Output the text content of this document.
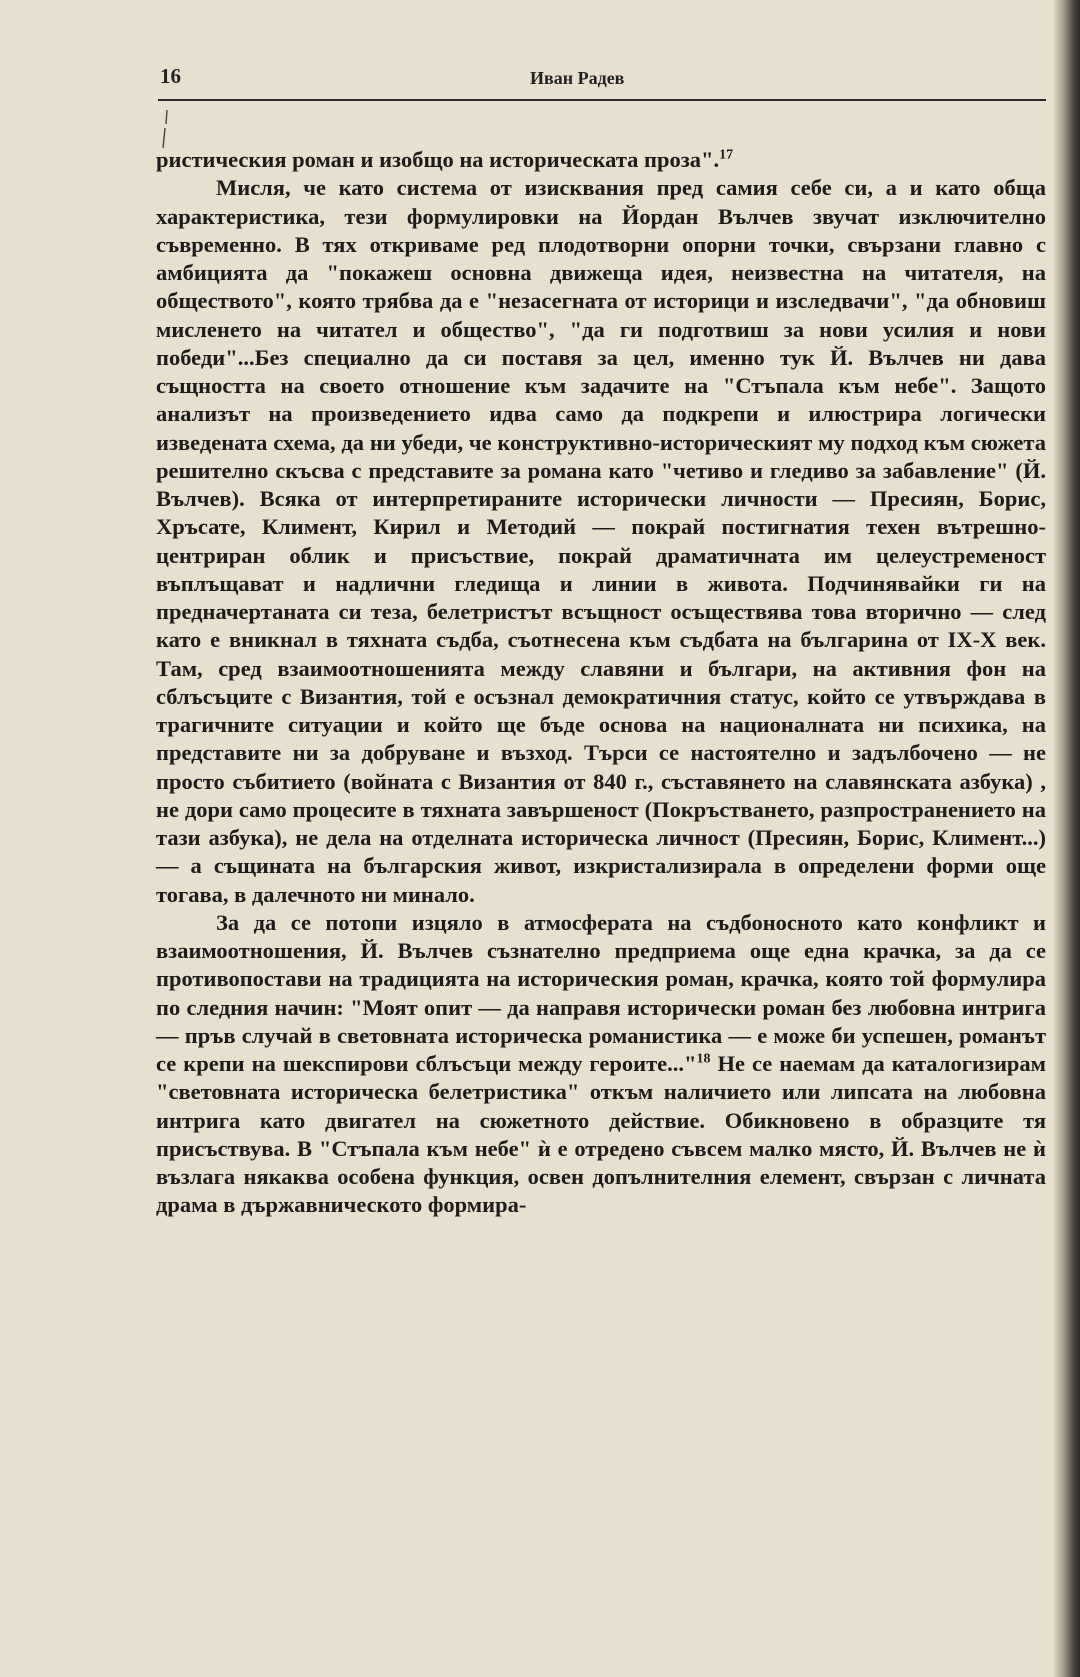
16	Иван Радев

ристическия роман и изобщо на историческата проза".$^{17}$

Мисля, че като система от изисквания пред самия себе си, а и като обща характеристика, тези формулировки на Йордан Вълчев звучат изключително съвременно. В тях откриваме ред плодотворни опорни точки, свързани главно с амбицията да "покажеш основна движеща идея, неизвестна на читателя, на обществото", която трябва да е "незасегната от историци и изследвачи", "да обновиш мисленето на читател и общество", "да ги подготвиш за нови усилия и нови победи"...Без специално да си поставя за цел, именно тук Й. Вълчев ни дава същността на своето отношение към задачите на "Стъпала към небе". Защото анализът на произведението идва само да подкрепи и илюстрира логически изведената схема, да ни убеди, че конструктивно-историческият му подход към сюжета решително скъсва с представите за романа като "четиво и гледиво за забавление" (Й. Вълчев). Всяка от интерпретираните исторически личности — Пресиян, Борис, Хръсате, Климент, Кирил и Методий — покрай постигнатия техен вътрешно-центриран облик и присъствие, покрай драматичната им целеустременост въплъщават и надлични гледища и линии в живота. Подчинявайки ги на предначертаната си теза, белетристът всъщност осъществява това вторично — след като е вникнал в тяхната съдба, съотнесена към съдбата на българина от IX-X век. Там, сред взаимоотношенията между славяни и българи, на активния фон на сблъсъците с Византия, той е осъзнал демократичния статус, който се утвърждава в трагичните ситуации и който ще бъде основа на националната ни психика, на представите ни за добруване и възход. Търси се настоятелно и задълбочено — не просто събитието (войната с Византия от 840 г., съставянето на славянската азбука) , не дори само процесите в тяхната завършеност (Покръстването, разпространението на тази азбука), не дела на отделната историческа личност (Пресиян, Борис, Климент...) — а същината на българския живот, изкристализирала в определени форми още тогава, в далечното ни минало.

За да се потопи изцяло в атмосферата на съдбоносното като конфликт и взаимоотношения, Й. Вълчев съзнателно предприема още една крачка, за да се противопостави на традицията на историческия роман, крачка, която той формулира по следния начин: "Моят опит — да направя исторически роман без любовна интрига — пръв случай в световната историческа романистика — е може би успешен, романът се крепи на шекспирови сблъсъци между героите..."$^{18}$ Не се наемам да каталогизирам "световната историческа белетристика" откъм наличието или липсата на любовна интрига като двигател на сюжетното действие. Обикновено в образците тя присъствува. В "Стъпала към небе" ѝ е отредено съвсем малко място, Й. Вълчев не ѝ възлага някаква особена функция, освен допълнителния елемент, свързан с личната драма в държавническото формира-
